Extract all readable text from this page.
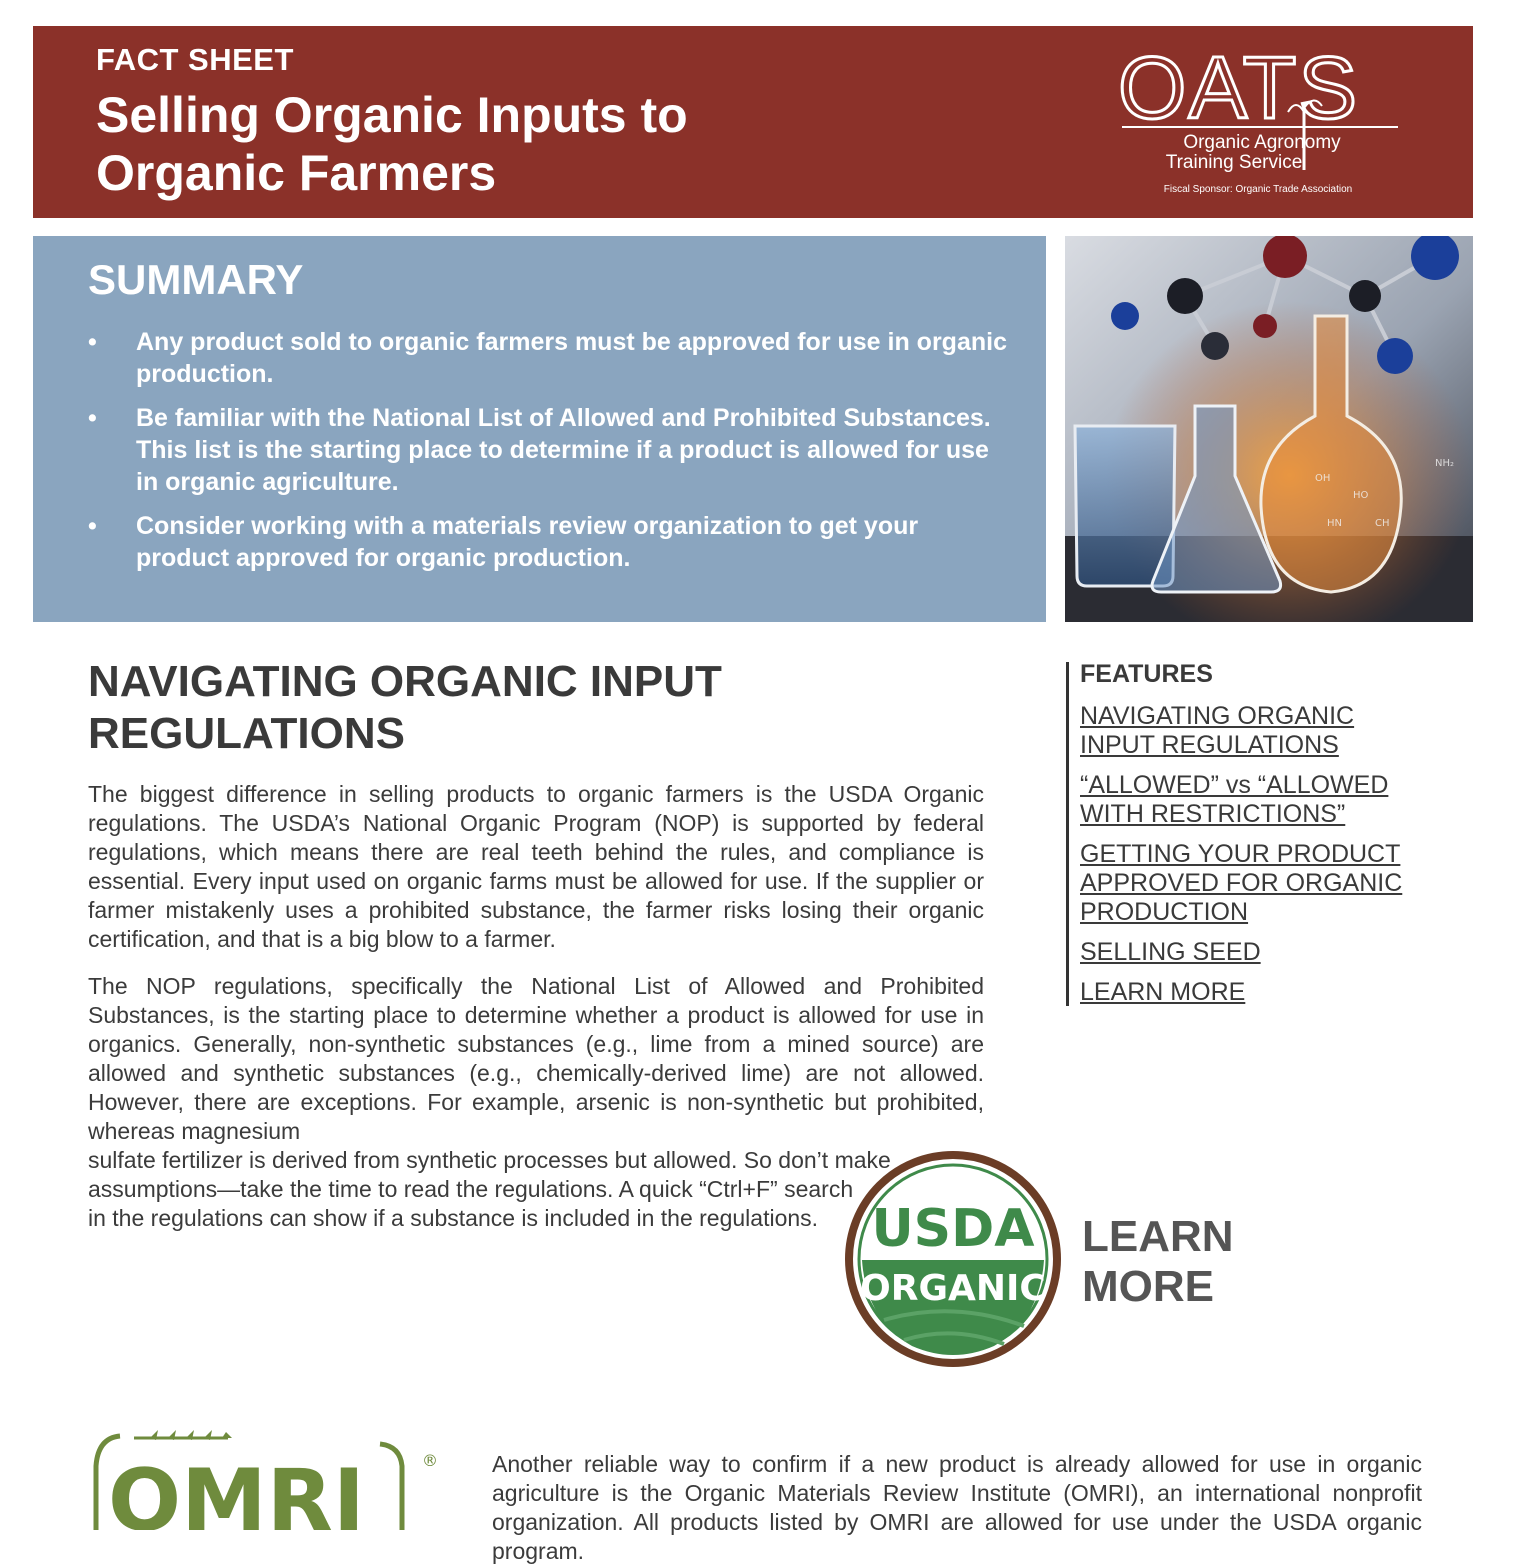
FACT SHEET
Selling Organic Inputs to Organic Farmers
OATS
Organic Agronomy
Training Service
Fiscal Sponsor: Organic Trade Association
SUMMARY
• Any product sold to organic farmers must be approved for use in organic production.
• Be familiar with the National List of Allowed and Prohibited Substances. This list is the starting place to determine if a product is allowed for use in organic agriculture.
• Consider working with a materials review organization to get your product approved for organic production.
OH
HO
HN	CH
NH₂
NAVIGATING ORGANIC INPUT REGULATIONS

The biggest difference in selling products to organic farmers is the USDA Organic regulations. The USDA’s National Organic Program (NOP) is supported by federal regulations, which means there are real teeth behind the rules, and compliance is essential. Every input used on organic farms must be allowed for use. If the supplier or farmer mistakenly uses a prohibited substance, the farmer risks losing their organic certification, and that is a big blow to a farmer.

The NOP regulations, specifically the National List of Allowed and Prohibited Substances, is the starting place to determine whether a product is allowed for use in organics. Generally, non-synthetic substances (e.g., lime from a mined source) are allowed and synthetic substances (e.g., chemically-derived lime) are not allowed. However, there are exceptions. For example, arsenic is non-synthetic but prohibited, whereas magnesium
sulfate fertilizer is derived from synthetic processes but allowed. So don’t make
assumptions—take the time to read the regulations. A quick “Ctrl+F” search
in the regulations can show if a substance is included in the regulations.
FEATURES
NAVIGATING ORGANIC INPUT REGULATIONS
“ALLOWED” vs “ALLOWED WITH RESTRICTIONS”
GETTING YOUR PRODUCT APPROVED FOR ORGANIC PRODUCTION
SELLING SEED
LEARN MORE
USDA
ORGANIC
LEARN
MORE
OMRI	® Another reliable way to confirm if a new product is already allowed for use in organic agriculture is the Organic Materials Review Institute (OMRI), an international nonprofit organization. All products listed by OMRI are allowed for use under the USDA organic program.
